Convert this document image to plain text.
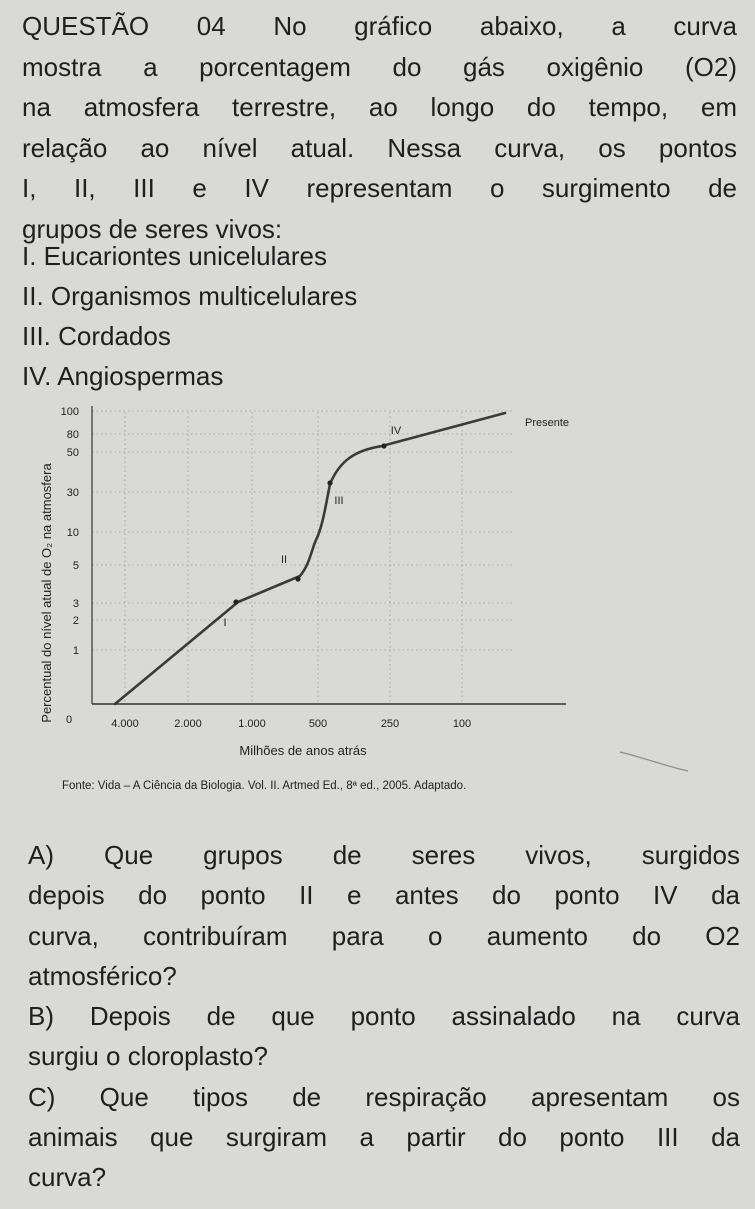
QUESTÃO 04 No gráfico abaixo, a curva
mostra a porcentagem do gás oxigênio (O2)
na atmosfera terrestre, ao longo do tempo, em
relação ao nível atual. Nessa curva, os pontos
I, II, III e IV representam o surgimento de
grupos de seres vivos:
I. Eucariontes unicelulares
II. Organismos multicelulares
III. Cordados
IV. Angiospermas
0
1
2
3
5
10
30
50
80
100
4.000	2.000	1.000	500	250	100
Presente
I
II
III
IV
Percentual do nível atual de O₂ na atmosfera
Milhões de anos atrás
Fonte: Vida – A Ciência da Biologia. Vol. II. Artmed Ed., 8ª ed., 2005. Adaptado.
A) Que grupos de seres vivos, surgidos
depois do ponto II e antes do ponto IV da
curva, contribuíram para o aumento do O2
atmosférico?
B) Depois de que ponto assinalado na curva
surgiu o cloroplasto?
C) Que tipos de respiração apresentam os
animais que surgiram a partir do ponto III da
curva?
